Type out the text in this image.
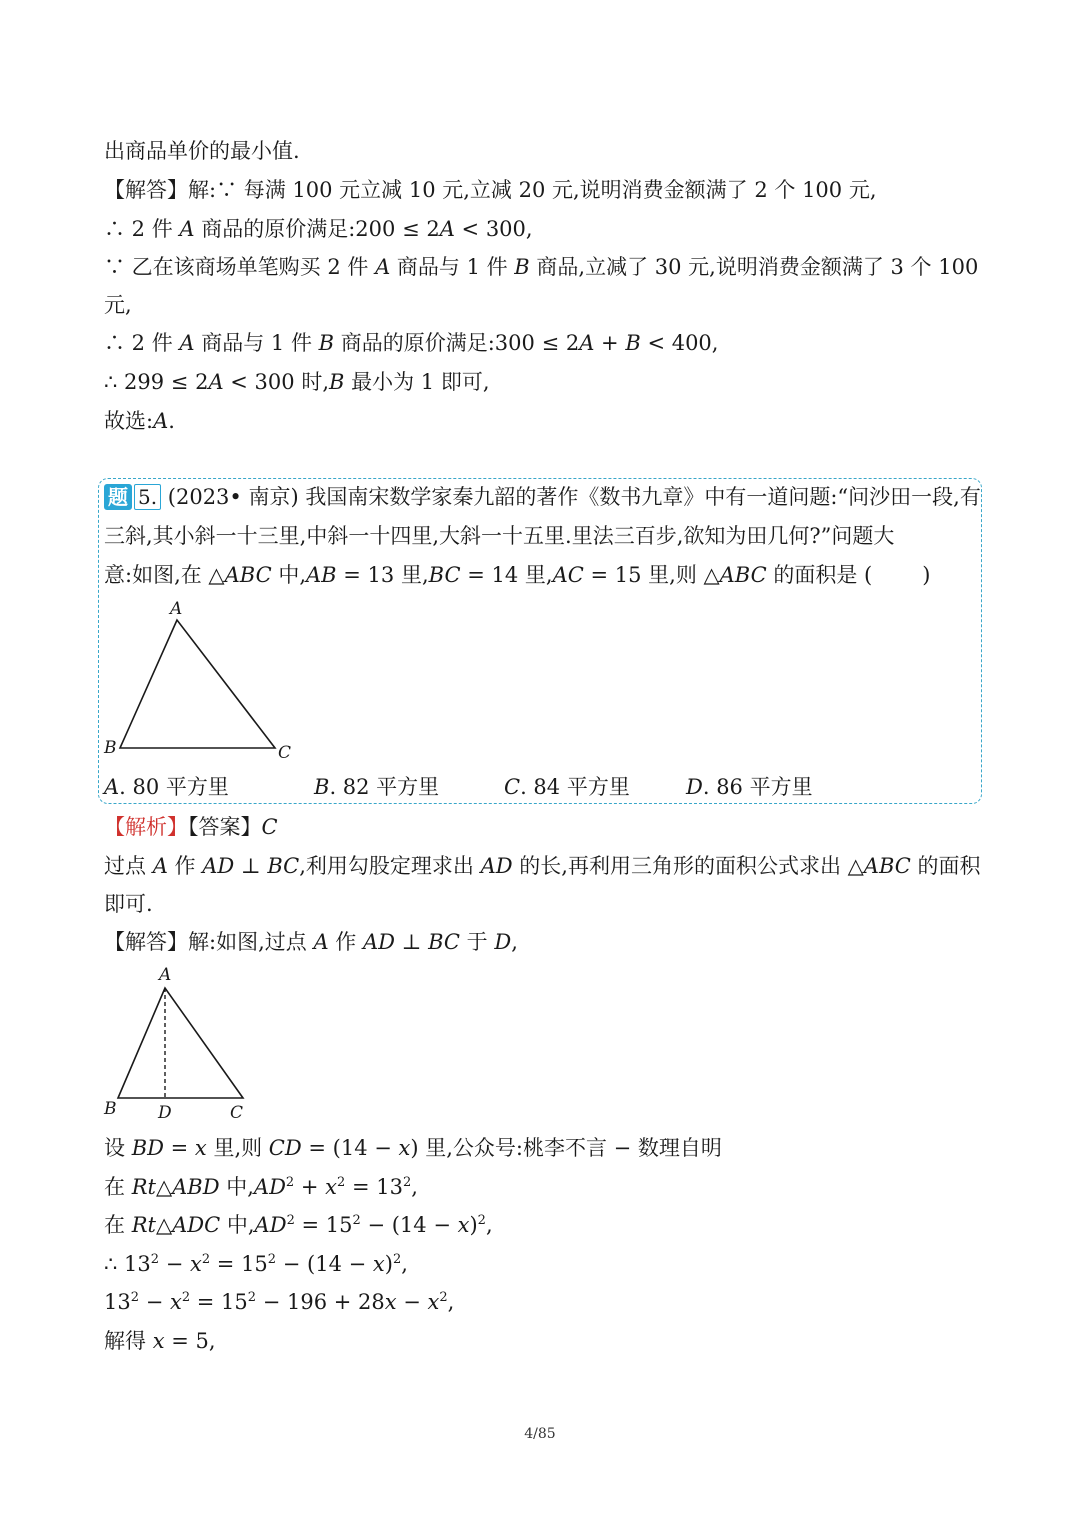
出商品单价的最小值.
【解答】解:∵ 每满 100 元立减 10 元,立减 20 元,说明消费金额满了 2 个 100 元,
∴ 2 件 A 商品的原价满足:200 ≤ 2A < 300,
∵ 乙在该商场单笔购买 2 件 A 商品与 1 件 B 商品,立减了 30 元,说明消费金额满了 3 个 100
元,
∴ 2 件 A 商品与 1 件 B 商品的原价满足:300 ≤ 2A + B < 400,
∴ 299 ≤ 2A < 300 时,B 最小为 1 即可,
故选:A.
题 5. (2023• 南京) 我国南宋数学家秦九韶的著作《数书九章》中有一道问题:“问沙田一段,有
三斜,其小斜一十三里,中斜一十四里,大斜一十五里.里法三百步,欲知为田几何?”问题大
意:如图,在 △ABC 中,AB = 13 里,BC = 14 里,AC = 15 里,则 △ABC 的面积是 ( )
A
B	C
A. 80 平方里	B. 82 平方里	C. 84 平方里	D. 86 平方里
【解析】【答案】C
过点 A 作 AD ⊥ BC,利用勾股定理求出 AD 的长,再利用三角形的面积公式求出 △ABC 的面积
即可.
【解答】解:如图,过点 A 作 AD ⊥ BC 于 D,
A
B D	C
设 BD = x 里,则 CD = (14 − x) 里,公众号:桃李不言 − 数理自明
在 Rt△ABD 中$,AD^2 + x^2 = 13^2$,
在 Rt△ADC 中$,AD^2 = 15^2 - (14 - x)^2$,
∴ $13^2 - x^2 = 15^2 - (14 - x)^2$,
$13^2 - x^2 = 15^2 - 196 + 28x - x^2$,
解得 x = 5,
4/85
